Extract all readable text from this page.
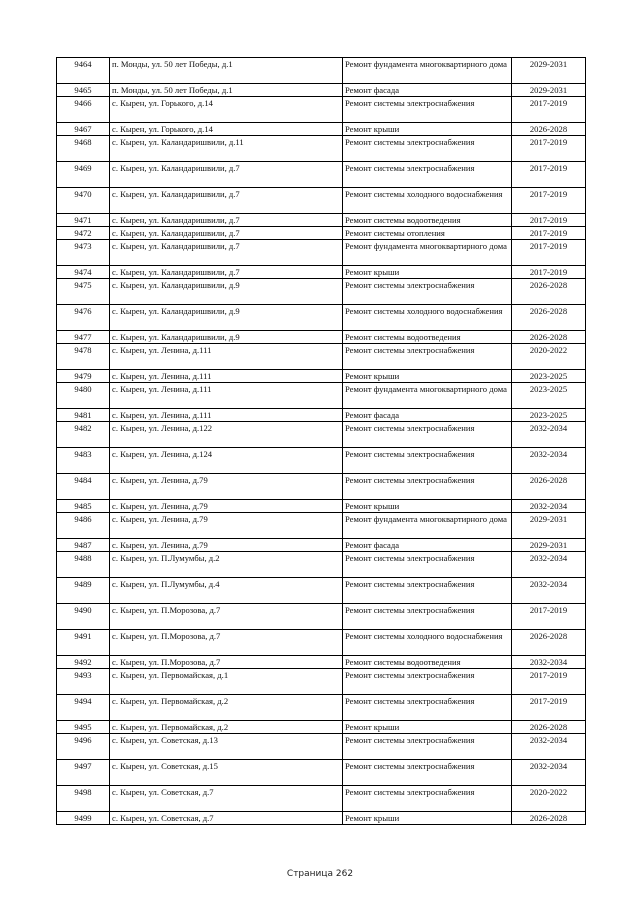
9464	п. Монды, ул. 50 лет Победы, д.1	Ремонт фундамента многоквартирного дома	2029-2031
9465	п. Монды, ул. 50 лет Победы, д.1	Ремонт фасада	2029-2031
9466	с. Кырен, ул. Горького, д.14	Ремонт системы электроснабжения	2017-2019
9467	с. Кырен, ул. Горького, д.14	Ремонт крыши	2026-2028
9468	с. Кырен, ул. Каландаришвили, д.11	Ремонт системы электроснабжения	2017-2019
9469	с. Кырен, ул. Каландаришвили, д.7	Ремонт системы электроснабжения	2017-2019
9470	с. Кырен, ул. Каландаришвили, д.7	Ремонт системы холодного водоснабжения	2017-2019
9471	с. Кырен, ул. Каландаришвили, д.7	Ремонт системы водоотведения	2017-2019
9472	с. Кырен, ул. Каландаришвили, д.7	Ремонт системы отопления	2017-2019
9473	с. Кырен, ул. Каландаришвили, д.7	Ремонт фундамента многоквартирного дома	2017-2019
9474	с. Кырен, ул. Каландаришвили, д.7	Ремонт крыши	2017-2019
9475	с. Кырен, ул. Каландаришвили, д.9	Ремонт системы электроснабжения	2026-2028
9476	с. Кырен, ул. Каландаришвили, д.9	Ремонт системы холодного водоснабжения	2026-2028
9477	с. Кырен, ул. Каландаришвили, д.9	Ремонт системы водоотведения	2026-2028
9478	с. Кырен, ул. Ленина, д.111	Ремонт системы электроснабжения	2020-2022
9479	с. Кырен, ул. Ленина, д.111	Ремонт крыши	2023-2025
9480	с. Кырен, ул. Ленина, д.111	Ремонт фундамента многоквартирного дома	2023-2025
9481	с. Кырен, ул. Ленина, д.111	Ремонт фасада	2023-2025
9482	с. Кырен, ул. Ленина, д.122	Ремонт системы электроснабжения	2032-2034
9483	с. Кырен, ул. Ленина, д.124	Ремонт системы электроснабжения	2032-2034
9484	с. Кырен, ул. Ленина, д.79	Ремонт системы электроснабжения	2026-2028
9485	с. Кырен, ул. Ленина, д.79	Ремонт крыши	2032-2034
9486	с. Кырен, ул. Ленина, д.79	Ремонт фундамента многоквартирного дома	2029-2031
9487	с. Кырен, ул. Ленина, д.79	Ремонт фасада	2029-2031
9488	с. Кырен, ул. П.Лумумбы, д.2	Ремонт системы электроснабжения	2032-2034
9489	с. Кырен, ул. П.Лумумбы, д.4	Ремонт системы электроснабжения	2032-2034
9490	с. Кырен, ул. П.Морозова, д.7	Ремонт системы электроснабжения	2017-2019
9491	с. Кырен, ул. П.Морозова, д.7	Ремонт системы холодного водоснабжения	2026-2028
9492	с. Кырен, ул. П.Морозова, д.7	Ремонт системы водоотведения	2032-2034
9493	с. Кырен, ул. Первомайская, д.1	Ремонт системы электроснабжения	2017-2019
9494	с. Кырен, ул. Первомайская, д.2	Ремонт системы электроснабжения	2017-2019
9495	с. Кырен, ул. Первомайская, д.2	Ремонт крыши	2026-2028
9496	с. Кырен, ул. Советская, д.13	Ремонт системы электроснабжения	2032-2034
9497	с. Кырен, ул. Советская, д.15	Ремонт системы электроснабжения	2032-2034
9498	с. Кырен, ул. Советская, д.7	Ремонт системы электроснабжения	2020-2022
9499	с. Кырен, ул. Советская, д.7	Ремонт крыши	2026-2028
Страница 262
